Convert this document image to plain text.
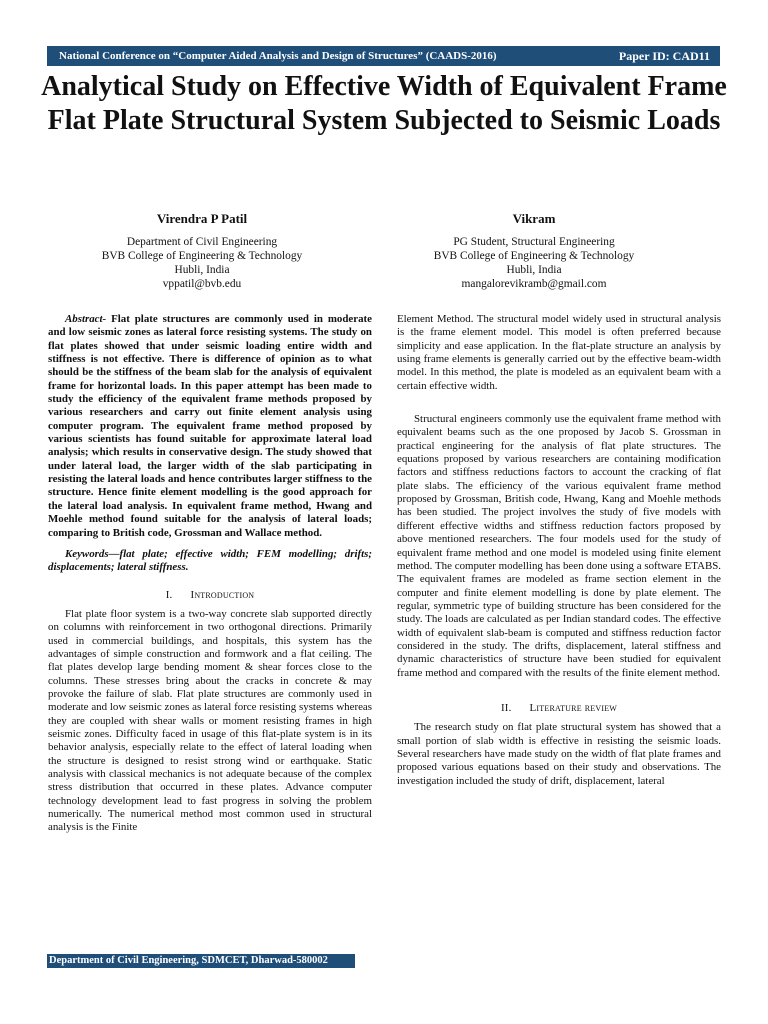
National Conference on “Computer Aided Analysis and Design of Structures” (CAADS-2016)	Paper ID: CAD11
Analytical Study on Effective Width of Equivalent Frame Flat Plate Structural System Subjected to Seismic Loads
Virendra P Patil
Department of Civil Engineering
BVB College of Engineering & Technology
Hubli, India
vppatil@bvb.edu
Vikram
PG Student, Structural Engineering
BVB College of Engineering & Technology
Hubli, India
mangalorevikramb@gmail.com

Abstract- Flat plate structures are commonly used in moderate and low seismic zones as lateral force resisting systems. The study on flat plates showed that under seismic loading entire width and stiffness is not effective. There is difference of opinion as to what should be the stiffness of the beam slab for the analysis of equivalent frame for horizontal loads. In this paper attempt has been made to study the efficiency of the equivalent frame methods proposed by various researchers and carry out finite element analysis using computer program. The equivalent frame method proposed by various scientists has found suitable for approximate lateral load analysis; which results in conservative design. The study showed that under lateral load, the larger width of the slab participating in resisting the lateral loads and hence contributes larger stiffness to the structure. Hence finite element modelling is the good approach for the lateral load analysis. In equivalent frame method, Hwang and Moehle method found suitable for the analysis of lateral loads; comparing to British code, Grossman and Wallace method.

Keywords—flat plate; effective width; FEM modelling; drifts; displacements; lateral stiffness.

I. Introduction

Flat plate floor system is a two-way concrete slab supported directly on columns with reinforcement in two orthogonal directions. Primarily used in commercial buildings, and hospitals, this system has the advantages of simple construction and formwork and a flat ceiling. The flat plates develop large bending moment & shear forces close to the columns. These stresses bring about the cracks in concrete & may provoke the failure of slab. Flat plate structures are commonly used in moderate and low seismic zones as lateral force resisting systems whereas they are coupled with shear walls or moment resisting frames in high seismic zones. Difficulty faced in usage of this flat-plate system is in its behavior analysis, especially relate to the effect of lateral loading when the structure is designed to resist strong wind or earthquake. Static analysis with classical mechanics is not adequate because of the complex stress distribution that occurred in these plates. Advance computer technology development lead to fast progress in solving the problem numerically. The numerical method most common used in structural analysis is the Finite

Element Method. The structural model widely used in structural analysis is the frame element model. This model is often preferred because simplicity and ease application. In the flat-plate structure an analysis by using frame elements is generally carried out by the effective beam-width model. In this method, the plate is modeled as an equivalent beam with a certain effective width.

Structural engineers commonly use the equivalent frame method with equivalent beams such as the one proposed by Jacob S. Grossman in practical engineering for the analysis of flat plate structures. The equations proposed by various researchers are containing modification factors and stiffness reductions factors to account the cracking of flat plate slabs. The efficiency of the various equivalent frame method proposed by Grossman, British code, Hwang, Kang and Moehle methods has been studied. The project involves the study of five models with different effective widths and stiffness reduction factors proposed by above mentioned researchers. The four models used for the study of equivalent frame method and one model is modeled using finite element method. The computer modelling has been done using a software ETABS. The equivalent frames are modeled as frame section element in the computer and finite element modelling is done by plate element. The regular, symmetric type of building structure has been considered for the study. The loads are calculated as per Indian standard codes. The effective width of equivalent slab-beam is computed and stiffness reduction factor considered in the study. The drifts, displacement, lateral stiffness and dynamic characteristics of structure have been studied for equivalent frame method and compared with the results of the finite element method.

II. Literature review

The research study on flat plate structural system has showed that a small portion of slab width is effective in resisting the seismic loads. Several researchers have made study on the width of flat plate frames and proposed various equations based on their study and observations. The investigation included the study of drift, displacement, lateral

Department of Civil Engineering, SDMCET, Dharwad-580002
